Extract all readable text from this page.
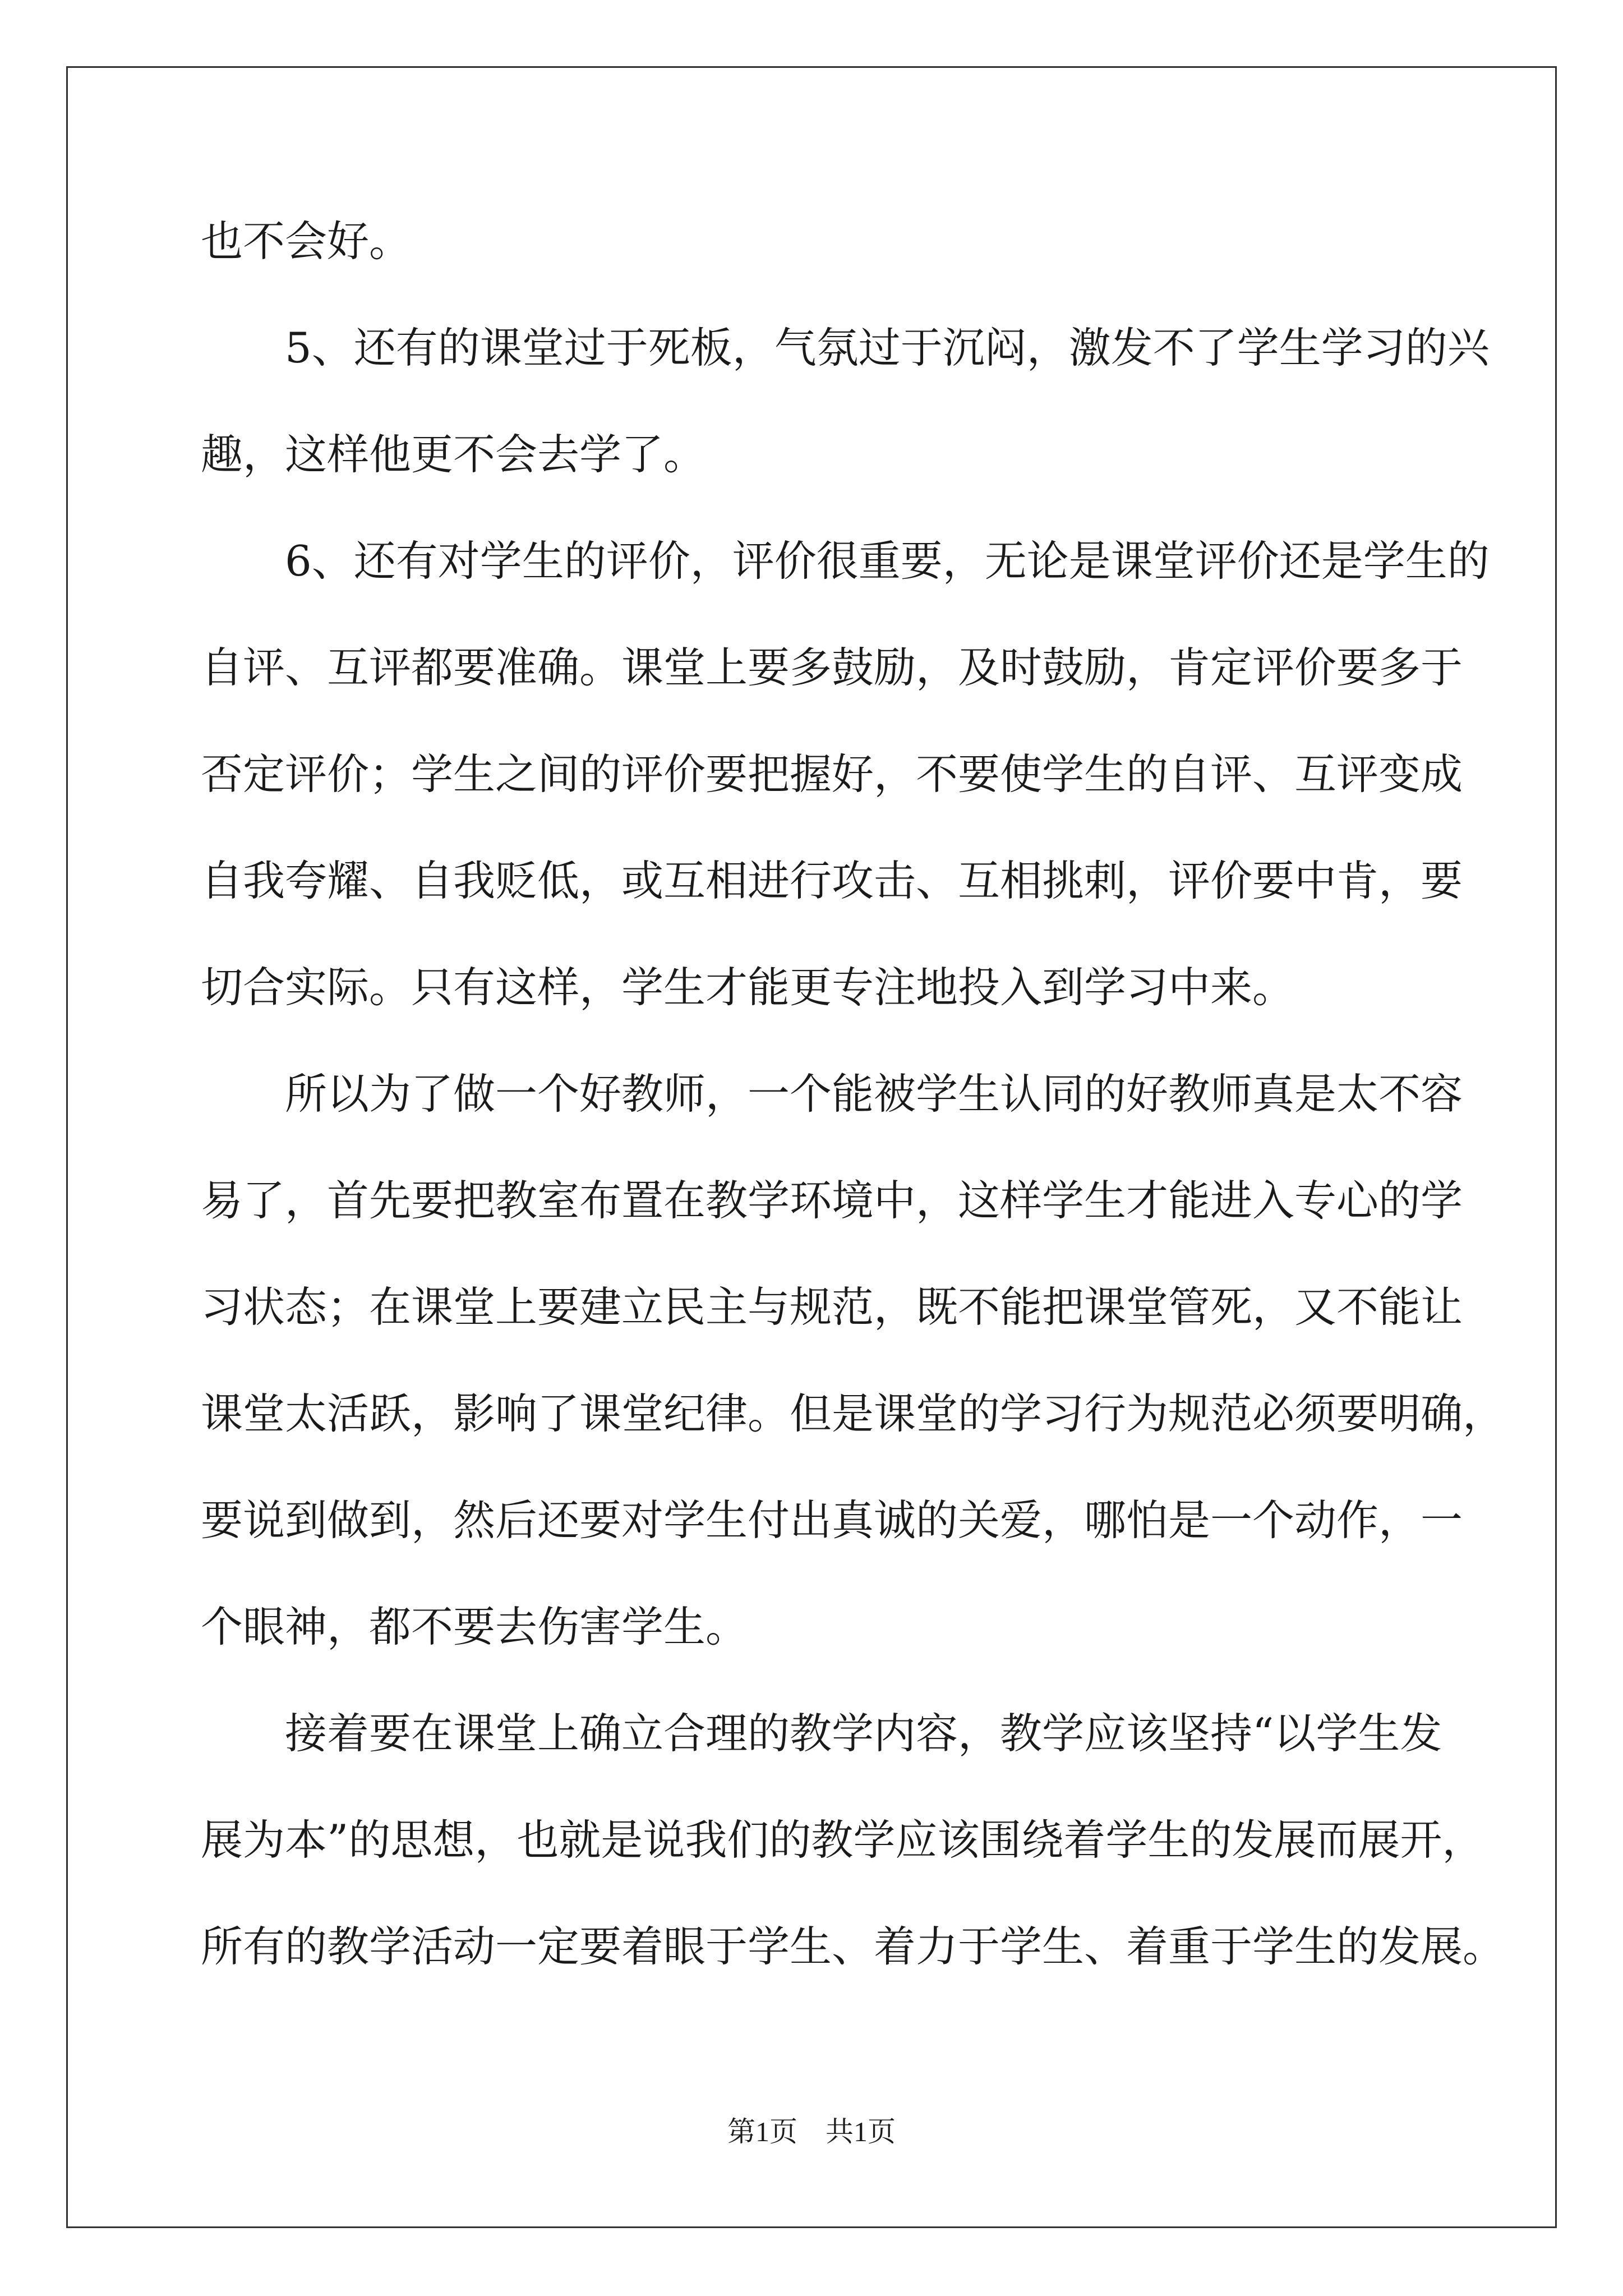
也不会好。
5、还有的课堂过于死板，气氛过于沉闷，激发不了学生学习的兴
趣，这样他更不会去学了。
6、还有对学生的评价，评价很重要，无论是课堂评价还是学生的
自评、互评都要准确。课堂上要多鼓励，及时鼓励，肯定评价要多于
否定评价；学生之间的评价要把握好，不要使学生的自评、互评变成
自我夸耀、自我贬低，或互相进行攻击、互相挑剌，评价要中肯，要
切合实际。只有这样，学生才能更专注地投入到学习中来。
所以为了做一个好教师，一个能被学生认同的好教师真是太不容
易了，首先要把教室布置在教学环境中，这样学生才能进入专心的学
习状态；在课堂上要建立民主与规范，既不能把课堂管死，又不能让
课堂太活跃，影响了课堂纪律。但是课堂的学习行为规范必须要明确，
要说到做到，然后还要对学生付出真诚的关爱，哪怕是一个动作，一
个眼神，都不要去伤害学生。
接着要在课堂上确立合理的教学内容，教学应该坚持“以学生发
展为本”的思想，也就是说我们的教学应该围绕着学生的发展而展开，
所有的教学活动一定要着眼于学生、着力于学生、着重于学生的发展。
第1页 共1页
